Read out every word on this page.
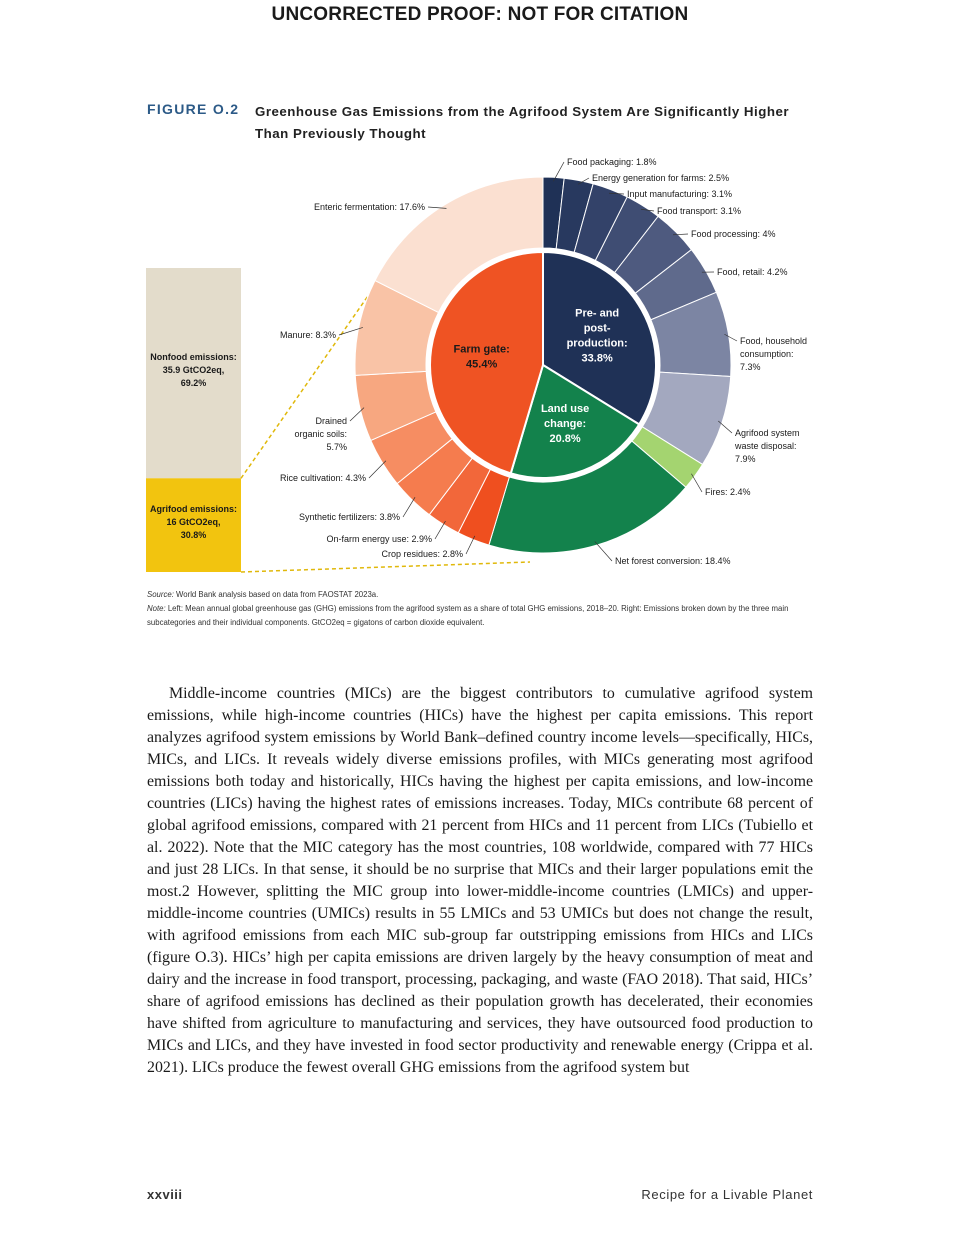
UNCORRECTED PROOF: NOT FOR CITATION
FIGURE O.2 Greenhouse Gas Emissions from the Agrifood System Are Significantly Higher Than Previously Thought
Nonfood emissions:
35.9 GtCO2eq,
69.2%
Agrifood emissions:
16 GtCO2eq,
30.8%
Pre- and
post-
production:
33.8%
Land use
change:
20.8%
Farm gate:
45.4%
Food packaging: 1.8%
Energy generation for farms: 2.5%
Input manufacturing: 3.1%
Food transport: 3.1%
Food processing: 4%
Food, retail: 4.2%
Food, household
consumption:
7.3%
Agrifood system
waste disposal:
7.9%
Fires: 2.4%
Net forest conversion: 18.4%
Crop residues: 2.8%
On-farm energy use: 2.9%
Synthetic fertilizers: 3.8%
Rice cultivation: 4.3%
Drained
organic soils:
5.7%
Manure: 8.3%
Enteric fermentation: 17.6%
Source: World Bank analysis based on data from FAOSTAT 2023a.
Note: Left: Mean annual global greenhouse gas (GHG) emissions from the agrifood system as a share of total GHG emissions, 2018–20. Right: Emissions broken down by the three main subcategories and their individual components. GtCO2eq = gigatons of carbon dioxide equivalent.
Middle-income countries (MICs) are the biggest contributors to cumulative agrifood system emissions, while high-income countries (HICs) have the highest per capita emissions. This report analyzes agrifood system emissions by World Bank–defined country income levels—specifically, HICs, MICs, and LICs. It reveals widely diverse emissions profiles, with MICs generating most agrifood emissions both today and historically, HICs having the highest per capita emissions, and low-income countries (LICs) having the highest rates of emissions increases. Today, MICs contribute 68 percent of global agrifood emissions, compared with 21 percent from HICs and 11 percent from LICs (Tubiello et al. 2022). Note that the MIC category has the most countries, 108 worldwide, compared with 77 HICs and just 28 LICs. In that sense, it should be no surprise that MICs and their larger populations emit the most.2 However, splitting the MIC group into lower-middle-income countries (LMICs) and upper-middle-income countries (UMICs) results in 55 LMICs and 53 UMICs but does not change the result, with agrifood emissions from each MIC sub-group far outstripping emissions from HICs and LICs (figure O.3). HICs’ high per capita emissions are driven largely by the heavy consumption of meat and dairy and the increase in food transport, processing, packaging, and waste (FAO 2018). That said, HICs’ share of agrifood emissions has declined as their population growth has decelerated, their economies have shifted from agriculture to manufacturing and services, they have outsourced food production to MICs and LICs, and they have invested in food sector productivity and renewable energy (Crippa et al. 2021). LICs produce the fewest overall GHG emissions from the agrifood system but
xxviii	Recipe for a Livable Planet
